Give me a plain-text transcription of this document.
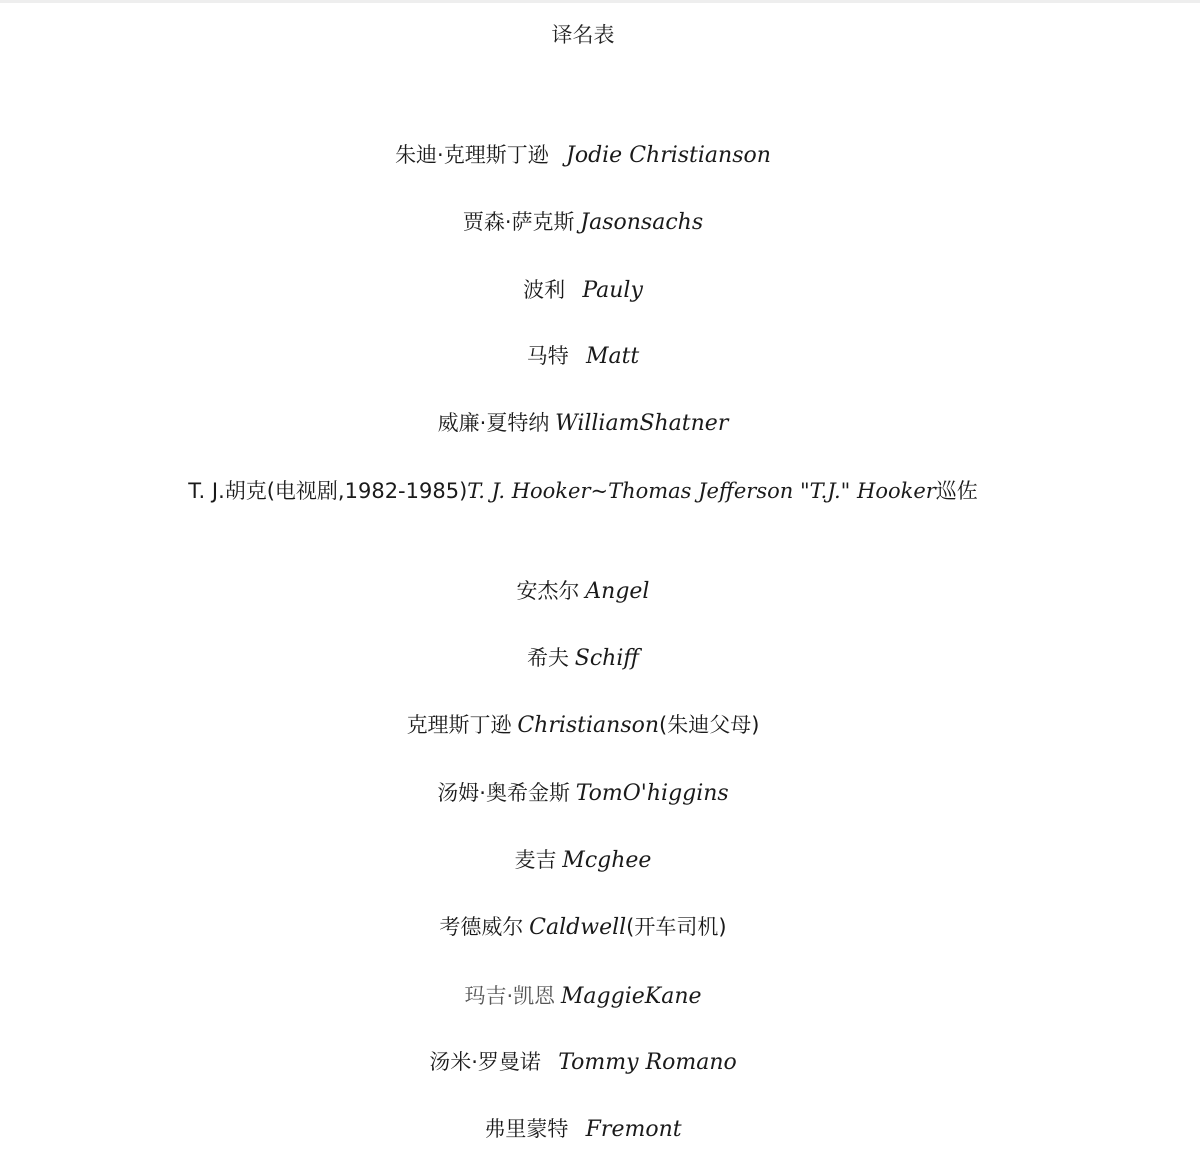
译名表
朱迪·克理斯丁逊 Jodie Christianson
贾森·萨克斯 Jasonsachs
波利 Pauly
马特 Matt
威廉·夏特纳 WilliamShatner
T. J.胡克(电视剧,1982-1985)T. J. Hooker~Thomas Jefferson "T.J." Hooker巡佐
安杰尔 Angel
希夫 Schiff
克理斯丁逊 Christianson(朱迪父母)
汤姆·奥希金斯 TomO'higgins
麦吉 Mcghee
考德威尔 Caldwell(开车司机)
玛吉·凯恩 MaggieKane
汤米·罗曼诺 Tommy Romano
弗里蒙特 Fremont
